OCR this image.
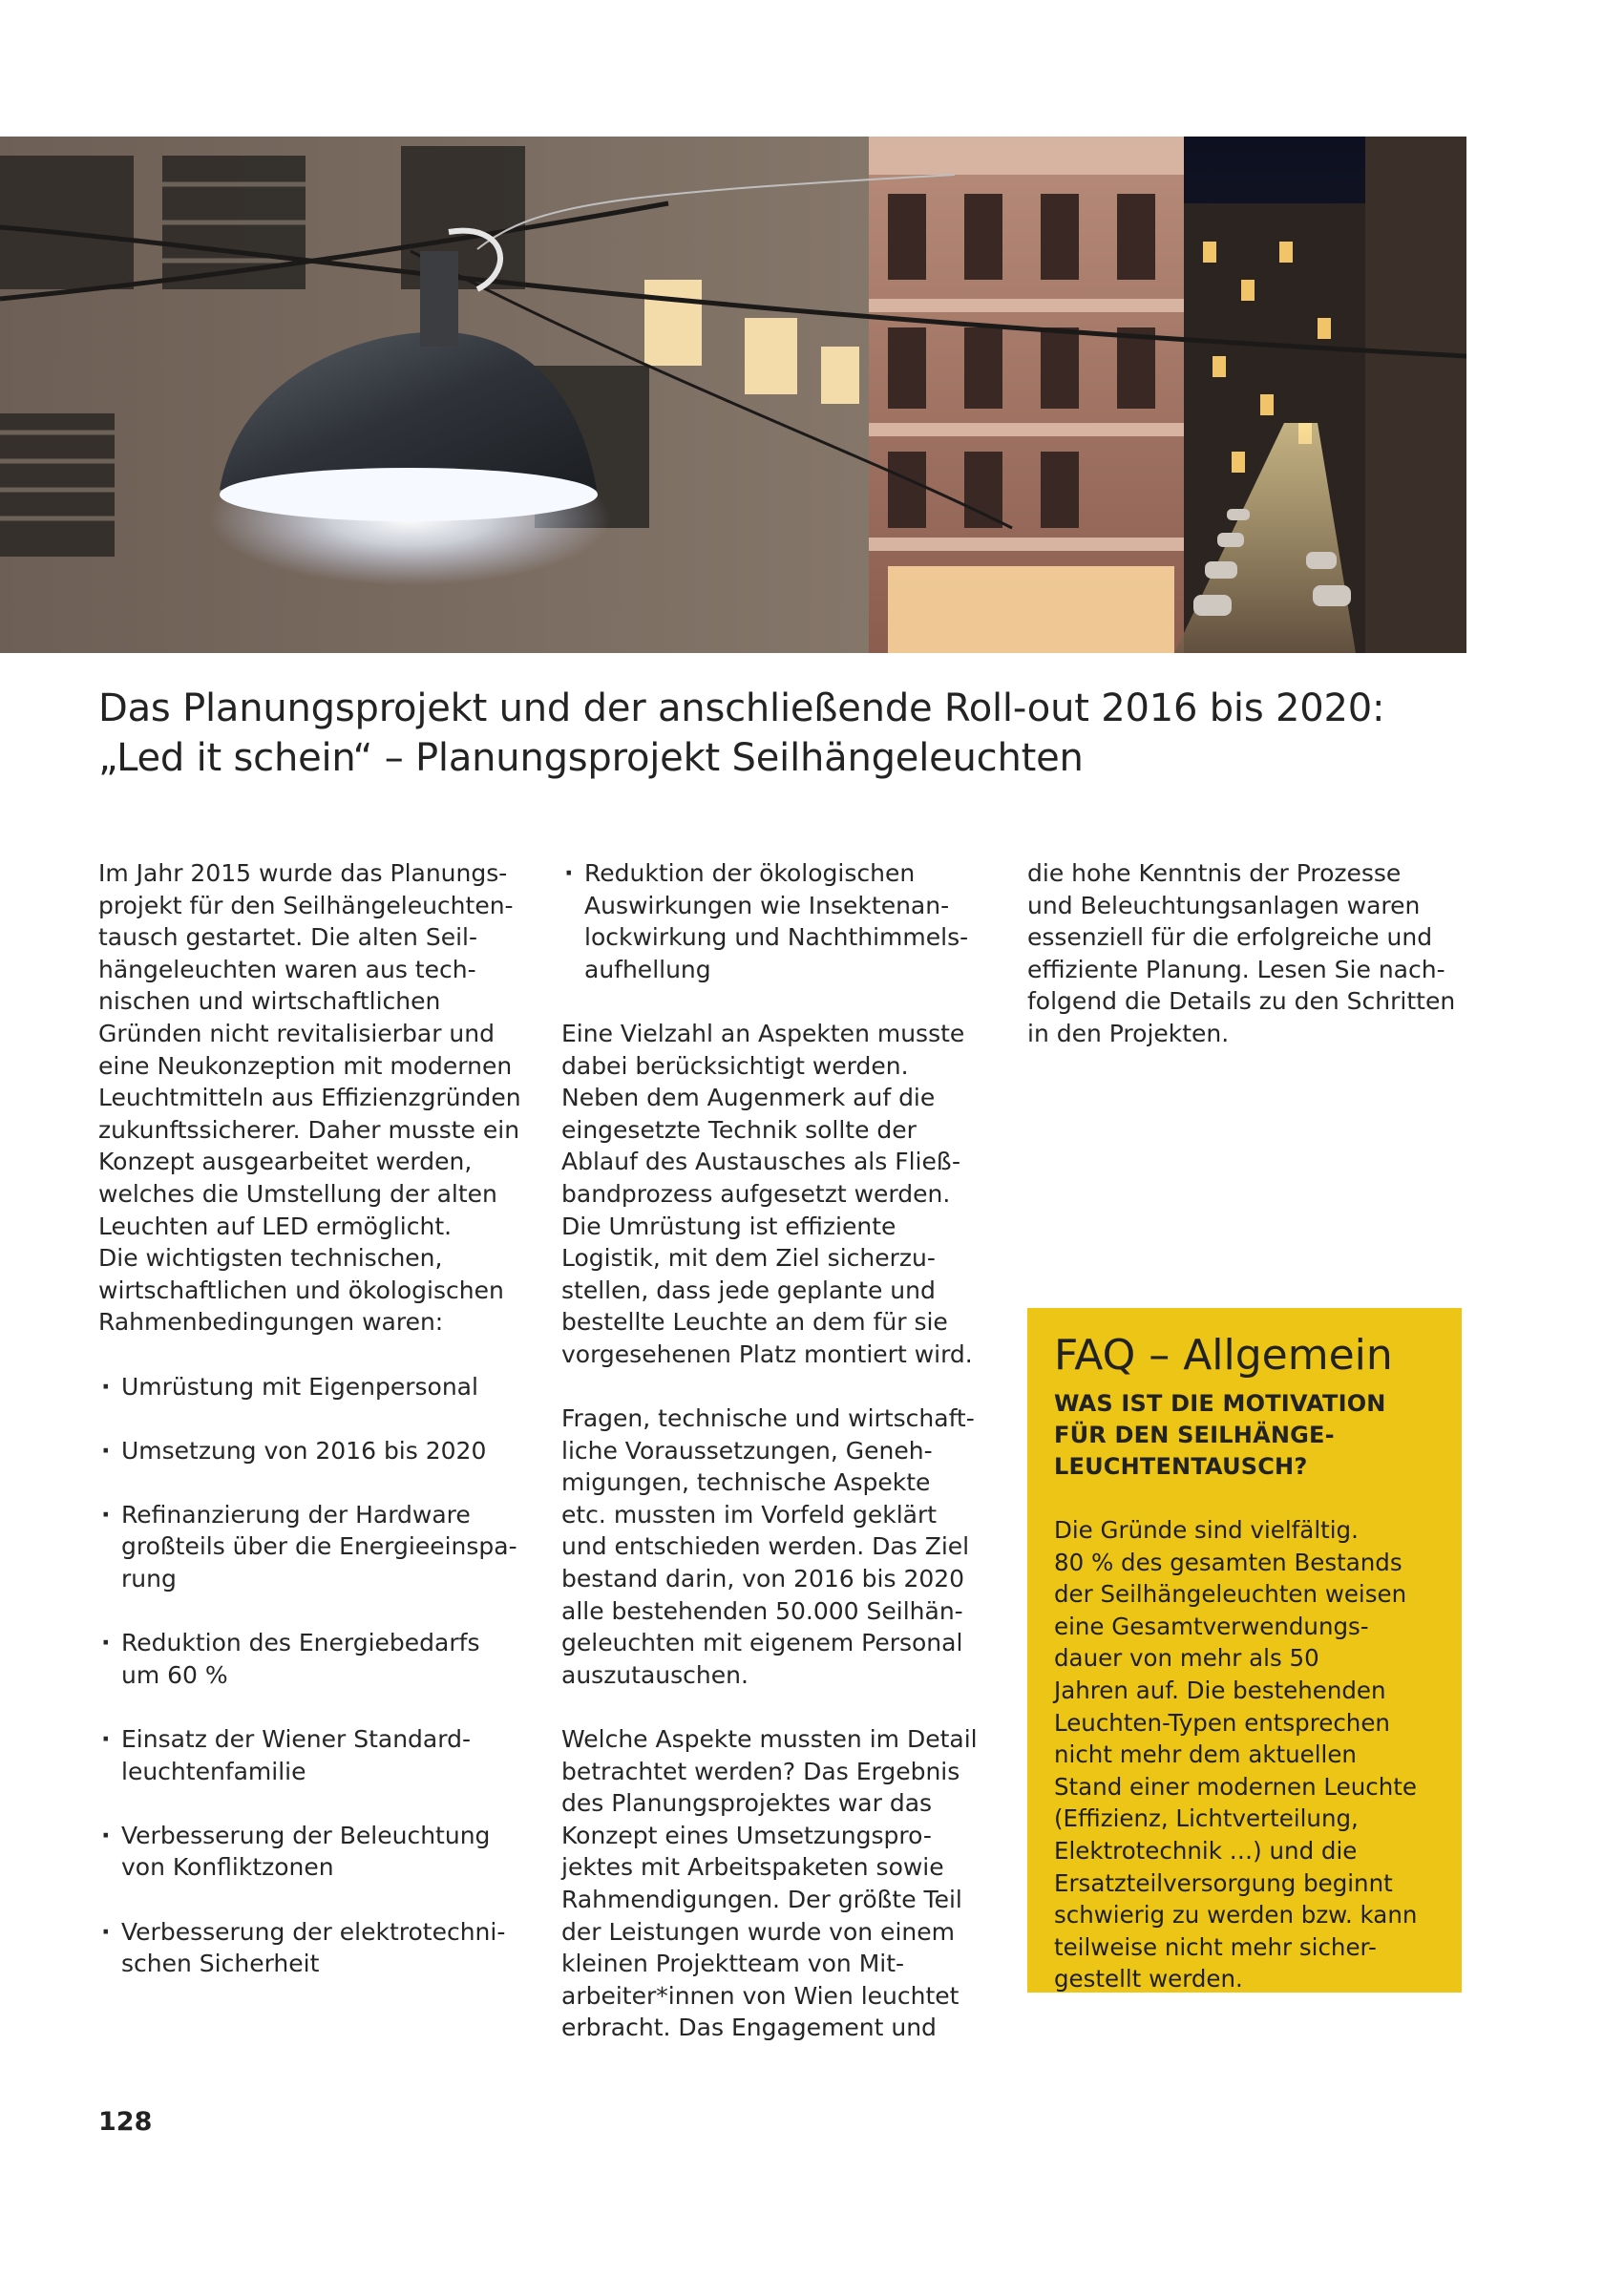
Das Planungsprojekt und der anschließende Roll-out 2016 bis 2020:
„Led it schein“ – Planungsprojekt Seilhängeleuchten

Im Jahr 2015 wurde das Planungs-
projekt für den Seilhängeleuchten-
tausch gestartet. Die alten Seil-
hängeleuchten waren aus tech-
nischen und wirtschaftlichen
Gründen nicht revitalisierbar und
eine Neukonzeption mit modernen
Leuchtmitteln aus Effizienzgründen
zukunftssicherer. Daher musste ein
Konzept ausgearbeitet werden,
welches die Umstellung der alten
Leuchten auf LED ermöglicht.
Die wichtigsten technischen,
wirtschaftlichen und ökologischen
Rahmenbedingungen waren:

· Umrüstung mit Eigenpersonal
· Umsetzung von 2016 bis 2020
· Refinanzierung der Hardware
großteils über die Energieeinspa-
rung
· Reduktion des Energiebedarfs
um 60 %
· Einsatz der Wiener Standard-
leuchtenfamilie
· Verbesserung der Beleuchtung
von Konfliktzonen
· Verbesserung der elektrotechni-
schen Sicherheit
· Reduktion der ökologischen
Auswirkungen wie Insektenan-
lockwirkung und Nachthimmels-
aufhellung

Eine Vielzahl an Aspekten musste
dabei berücksichtigt werden.
Neben dem Augenmerk auf die
eingesetzte Technik sollte der
Ablauf des Austausches als Fließ-
bandprozess aufgesetzt werden.
Die Umrüstung ist effiziente
Logistik, mit dem Ziel sicherzu-
stellen, dass jede geplante und
bestellte Leuchte an dem für sie
vorgesehenen Platz montiert wird.

Fragen, technische und wirtschaft-
liche Voraussetzungen, Geneh-
migungen, technische Aspekte
etc. mussten im Vorfeld geklärt
und entschieden werden. Das Ziel
bestand darin, von 2016 bis 2020
alle bestehenden 50.000 Seilhän-
geleuchten mit eigenem Personal
auszutauschen.

Welche Aspekte mussten im Detail
betrachtet werden? Das Ergebnis
des Planungsprojektes war das
Konzept eines Umsetzungspro-
jektes mit Arbeitspaketen sowie
Rahmendigungen. Der größte Teil
der Leistungen wurde von einem
kleinen Projektteam von Mit-
arbeiter*innen von Wien leuchtet
erbracht. Das Engagement und

die hohe Kenntnis der Prozesse
und Beleuchtungsanlagen waren
essenziell für die erfolgreiche und
effiziente Planung. Lesen Sie nach-
folgend die Details zu den Schritten
in den Projekten.

FAQ – Allgemein
WAS IST DIE MOTIVATION
FÜR DEN SEILHÄNGE-
LEUCHTENTAUSCH?
Die Gründe sind vielfältig.
80 % des gesamten Bestands
der Seilhängeleuchten weisen
eine Gesamtverwendungs-
dauer von mehr als 50
Jahren auf. Die bestehenden
Leuchten-Typen entsprechen
nicht mehr dem aktuellen
Stand einer modernen Leuchte
(Effizienz, Lichtverteilung,
Elektrotechnik …) und die
Ersatzteilversorgung beginnt
schwierig zu werden bzw. kann
teilweise nicht mehr sicher-
gestellt werden.
128
